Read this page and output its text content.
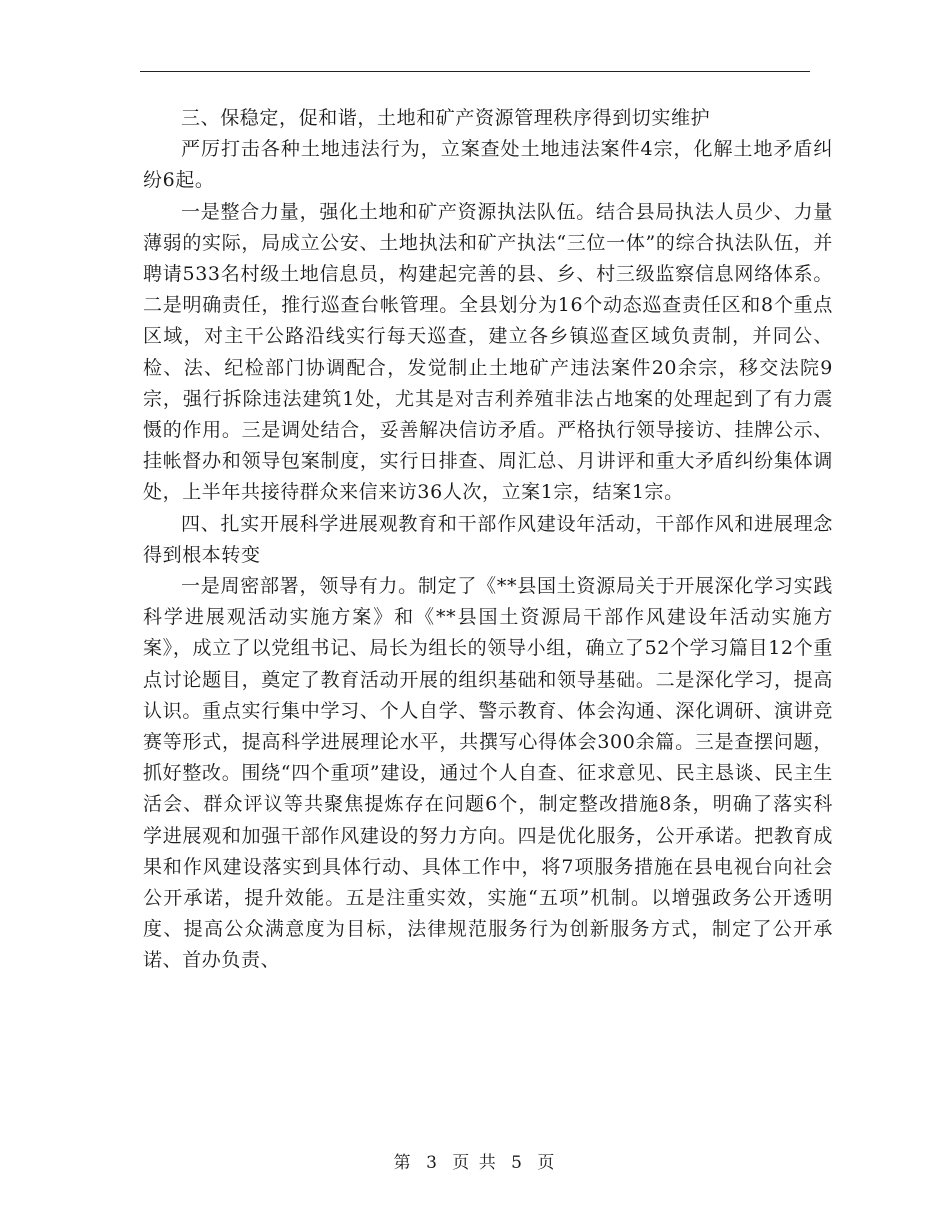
三、保稳定，促和谐，土地和矿产资源管理秩序得到切实维护

严厉打击各种土地违法行为，立案查处土地违法案件4宗，化解土地矛盾纠纷6起。

一是整合力量，强化土地和矿产资源执法队伍。结合县局执法人员少、力量薄弱的实际，局成立公安、土地执法和矿产执法“三位一体”的综合执法队伍，并聘请533名村级土地信息员，构建起完善的县、乡、村三级监察信息网络体系。二是明确责任，推行巡查台帐管理。全县划分为16个动态巡查责任区和8个重点区域，对主干公路沿线实行每天巡查，建立各乡镇巡查区域负责制，并同公、检、法、纪检部门协调配合，发觉制止土地矿产违法案件20余宗，移交法院9宗，强行拆除违法建筑1处，尤其是对吉利养殖非法占地案的处理起到了有力震慑的作用。三是调处结合，妥善解决信访矛盾。严格执行领导接访、挂牌公示、挂帐督办和领导包案制度，实行日排查、周汇总、月讲评和重大矛盾纠纷集体调处，上半年共接待群众来信来访36人次，立案1宗，结案1宗。

四、扎实开展科学进展观教育和干部作风建设年活动，干部作风和进展理念得到根本转变

一是周密部署，领导有力。制定了《**县国土资源局关于开展深化学习实践科学进展观活动实施方案》和《**县国土资源局干部作风建设年活动实施方案》，成立了以党组书记、局长为组长的领导小组，确立了52个学习篇目12个重点讨论题目，奠定了教育活动开展的组织基础和领导基础。二是深化学习，提高认识。重点实行集中学习、个人自学、警示教育、体会沟通、深化调研、演讲竞赛等形式，提高科学进展理论水平，共撰写心得体会300余篇。三是查摆问题，抓好整改。围绕“四个重项”建设，通过个人自查、征求意见、民主恳谈、民主生活会、群众评议等共聚焦提炼存在问题6个，制定整改措施8条，明确了落实科学进展观和加强干部作风建设的努力方向。四是优化服务，公开承诺。把教育成果和作风建设落实到具体行动、具体工作中，将7项服务措施在县电视台向社会公开承诺，提升效能。五是注重实效，实施“五项”机制。以增强政务公开透明度、提高公众满意度为目标，法律规范服务行为创新服务方式，制定了公开承诺、首办负责、

第 3 页 共 5 页
